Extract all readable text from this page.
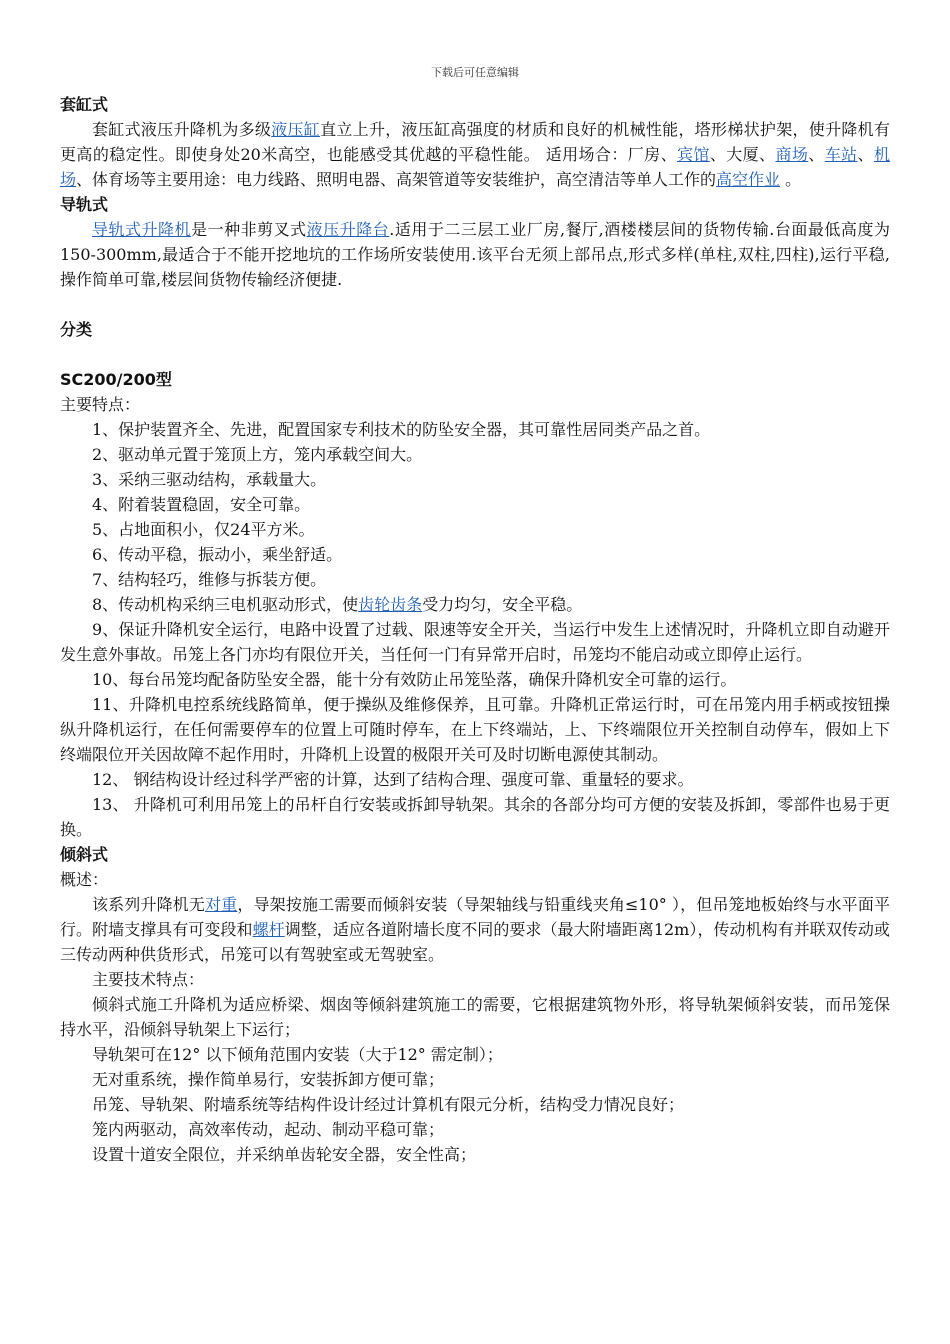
下载后可任意编辑

套缸式

套缸式液压升降机为多级液压缸直立上升，液压缸高强度的材质和良好的机械性能，塔形梯状护架，使升降机有更高的稳定性。即使身处20米高空，也能感受其优越的平稳性能。 适用场合：厂房、宾馆、大厦、商场、车站、机场、体育场等主要用途：电力线路、照明电器、高架管道等安装维护，高空清洁等单人工作的高空作业 。

导轨式

导轨式升降机是一种非剪叉式液压升降台.适用于二三层工业厂房,餐厅,酒楼楼层间的货物传输.台面最低高度为150-300mm,最适合于不能开挖地坑的工作场所安装使用.该平台无须上部吊点,形式多样(单柱,双柱,四柱),运行平稳,操作简单可靠,楼层间货物传输经济便捷.

分类

SC200/200型

主要特点：

1、保护装置齐全、先进，配置国家专利技术的防坠安全器，其可靠性居同类产品之首。

2、驱动单元置于笼顶上方，笼内承载空间大。

3、采纳三驱动结构，承载量大。

4、附着装置稳固，安全可靠。

5、占地面积小，仅24平方米。

6、传动平稳，振动小，乘坐舒适。

7、结构轻巧，维修与拆装方便。

8、传动机构采纳三电机驱动形式，使齿轮齿条受力均匀，安全平稳。

9、保证升降机安全运行，电路中设置了过载、限速等安全开关，当运行中发生上述情况时，升降机立即自动避开发生意外事故。吊笼上各门亦均有限位开关，当任何一门有异常开启时，吊笼均不能启动或立即停止运行。

10、每台吊笼均配备防坠安全器，能十分有效防止吊笼坠落，确保升降机安全可靠的运行。

11、升降机电控系统线路简单，便于操纵及维修保养，且可靠。升降机正常运行时，可在吊笼内用手柄或按钮操纵升降机运行，在任何需要停车的位置上可随时停车，在上下终端站，上、下终端限位开关控制自动停车，假如上下终端限位开关因故障不起作用时，升降机上设置的极限开关可及时切断电源使其制动。

12、 钢结构设计经过科学严密的计算，达到了结构合理、强度可靠、重量轻的要求。

13、 升降机可利用吊笼上的吊杆自行安装或拆卸导轨架。其余的各部分均可方便的安装及拆卸，零部件也易于更换。

倾斜式

概述：

该系列升降机无对重，导架按施工需要而倾斜安装（导架轴线与铅重线夹角≤10° ），但吊笼地板始终与水平面平行。附墙支撑具有可变段和螺杆调整，适应各道附墙长度不同的要求（最大附墙距离12m），传动机构有并联双传动或三传动两种供货形式，吊笼可以有驾驶室或无驾驶室。

主要技术特点：

倾斜式施工升降机为适应桥梁、烟囱等倾斜建筑施工的需要，它根据建筑物外形，将导轨架倾斜安装，而吊笼保持水平，沿倾斜导轨架上下运行；

导轨架可在12° 以下倾角范围内安装（大于12° 需定制）；

无对重系统，操作简单易行，安装拆卸方便可靠；

吊笼、导轨架、附墙系统等结构件设计经过计算机有限元分析，结构受力情况良好；

笼内两驱动，高效率传动，起动、制动平稳可靠；

设置十道安全限位，并采纳单齿轮安全器，安全性高；
